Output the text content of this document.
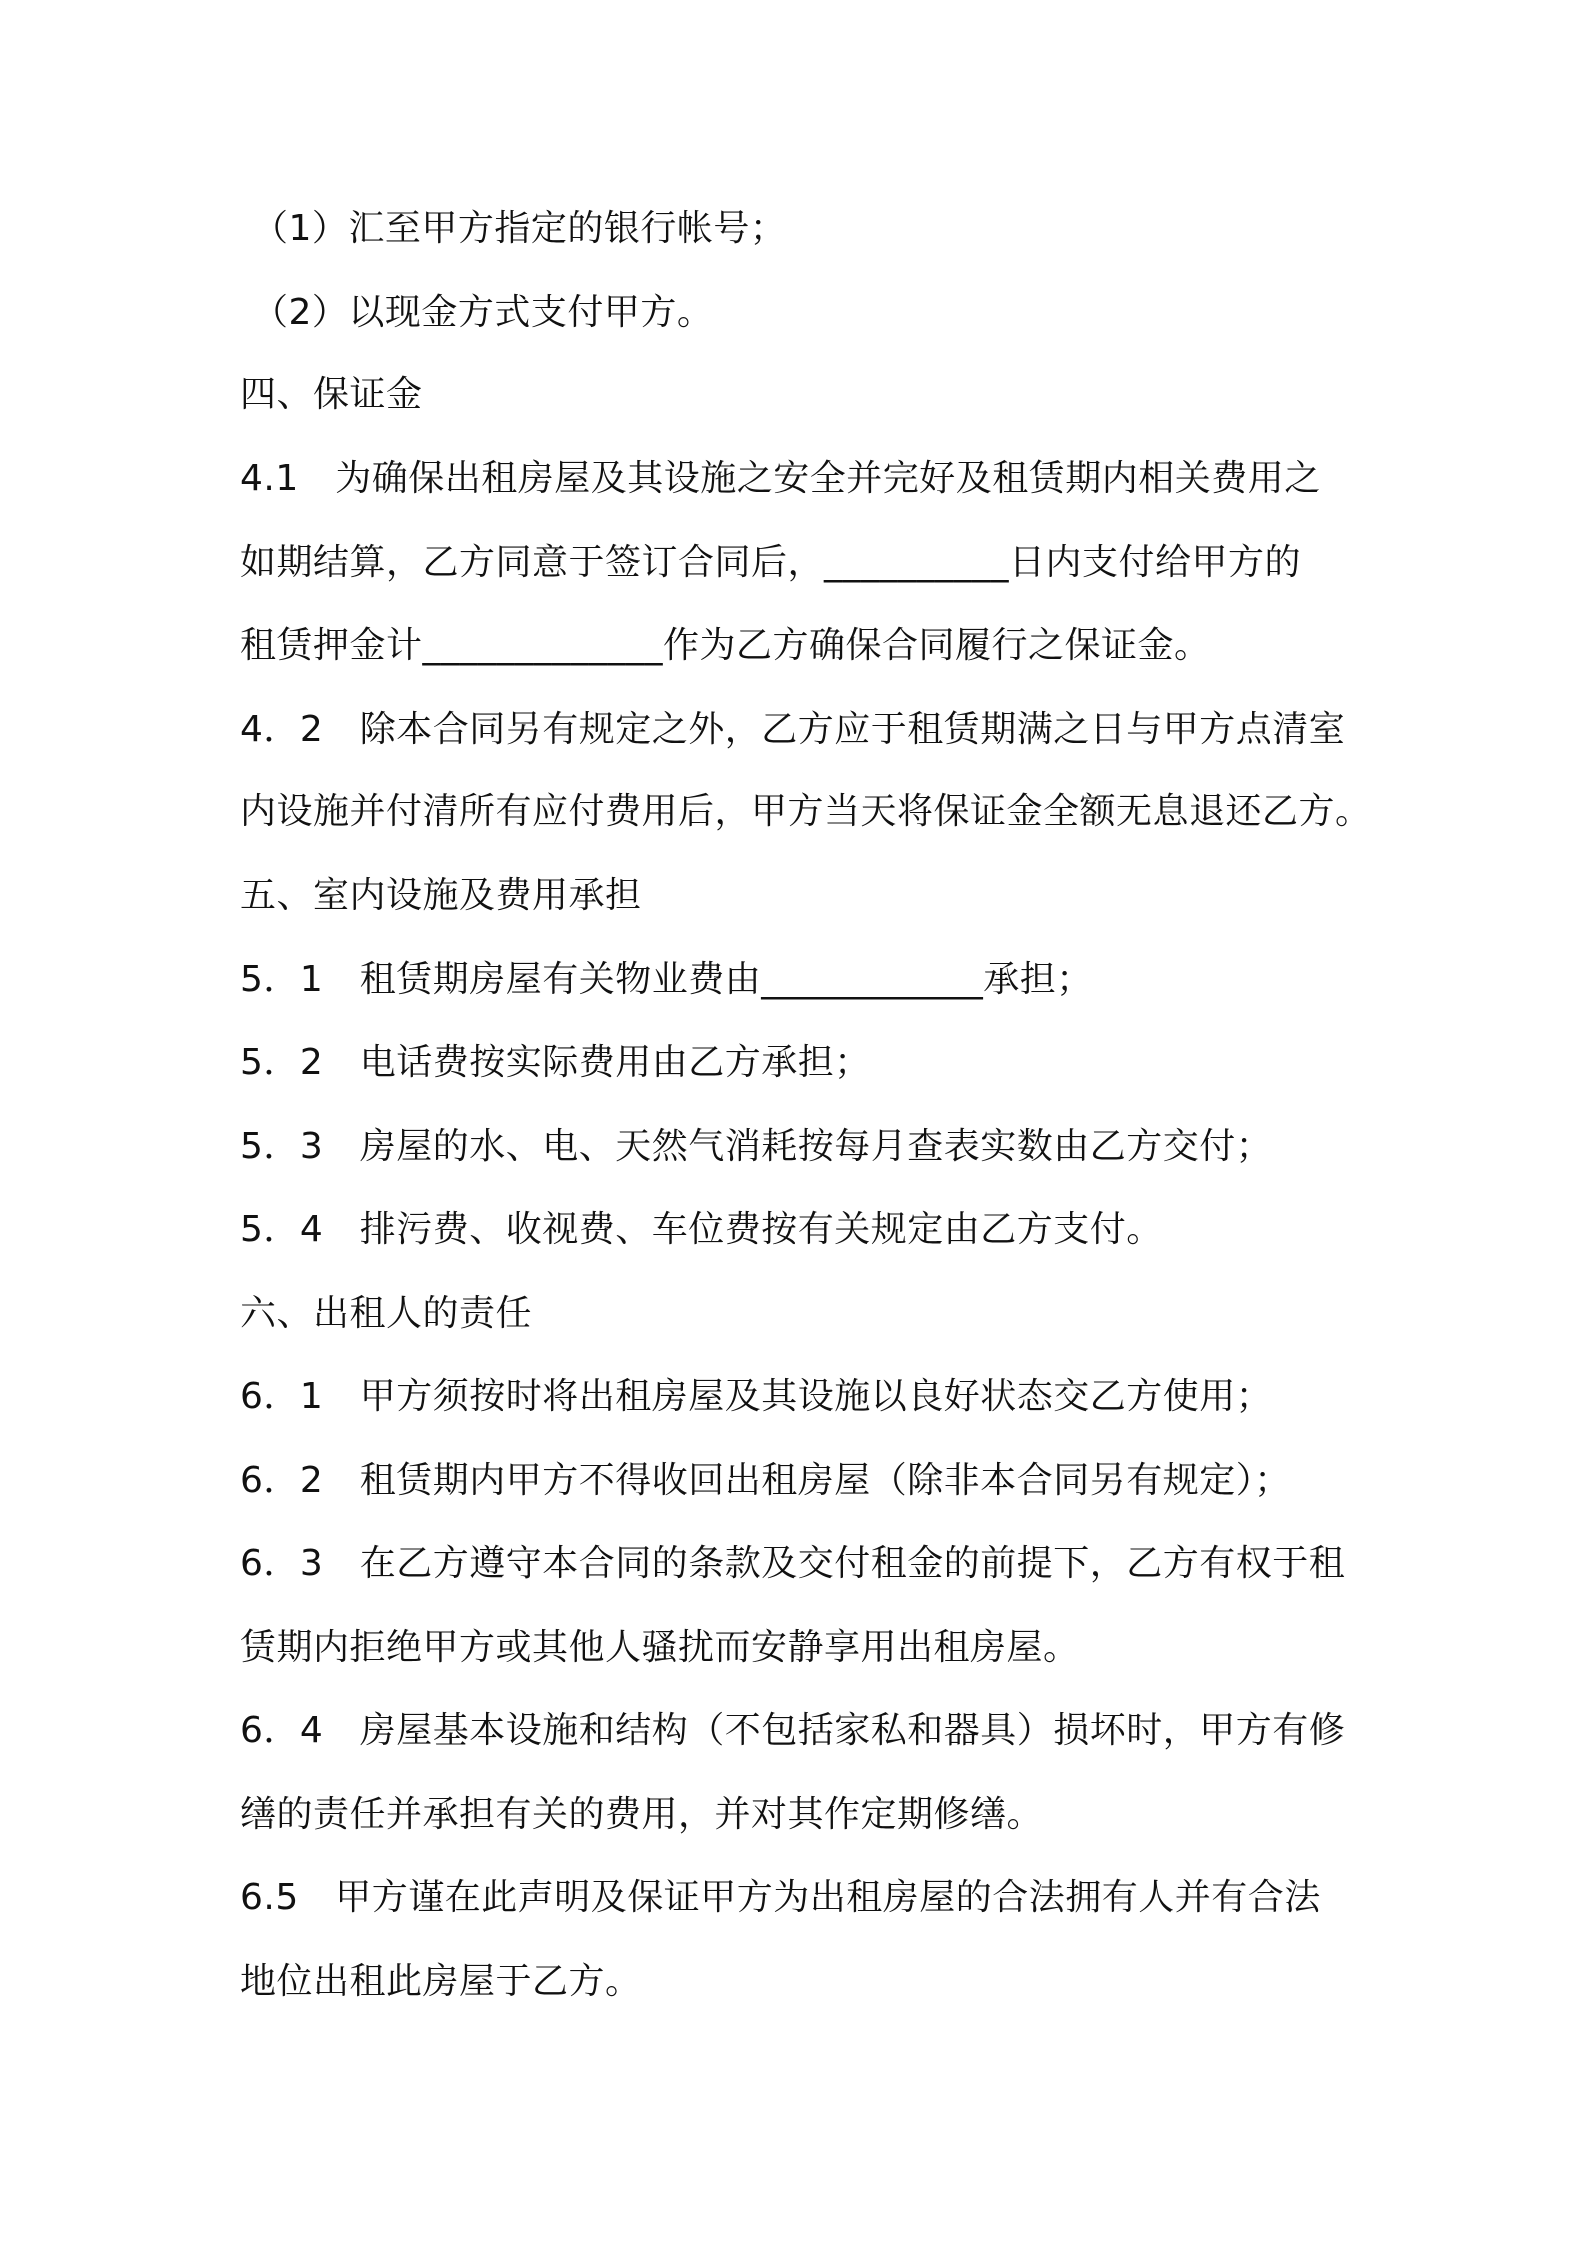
（1）汇至甲方指定的银行帐号；
（2）以现金方式支付甲方。
四、保证金
4.1　为确保出租房屋及其设施之安全并完好及租赁期内相关费用之
如期结算，乙方同意于签订合同后，__________日内支付给甲方的
租赁押金计_____________作为乙方确保合同履行之保证金。
4．2　除本合同另有规定之外，乙方应于租赁期满之日与甲方点清室
内设施并付清所有应付费用后，甲方当天将保证金全额无息退还乙方。
五、室内设施及费用承担
5．1　租赁期房屋有关物业费由____________承担；
5．2　电话费按实际费用由乙方承担；
5．3　房屋的水、电、天然气消耗按每月查表实数由乙方交付；
5．4　排污费、收视费、车位费按有关规定由乙方支付。
六、出租人的责任
6．1　甲方须按时将出租房屋及其设施以良好状态交乙方使用；
6．2　租赁期内甲方不得收回出租房屋（除非本合同另有规定）；
6．3　在乙方遵守本合同的条款及交付租金的前提下，乙方有权于租
赁期内拒绝甲方或其他人骚扰而安静享用出租房屋。
6．4　房屋基本设施和结构（不包括家私和器具）损坏时，甲方有修
缮的责任并承担有关的费用，并对其作定期修缮。
6.5　甲方谨在此声明及保证甲方为出租房屋的合法拥有人并有合法
地位出租此房屋于乙方。
